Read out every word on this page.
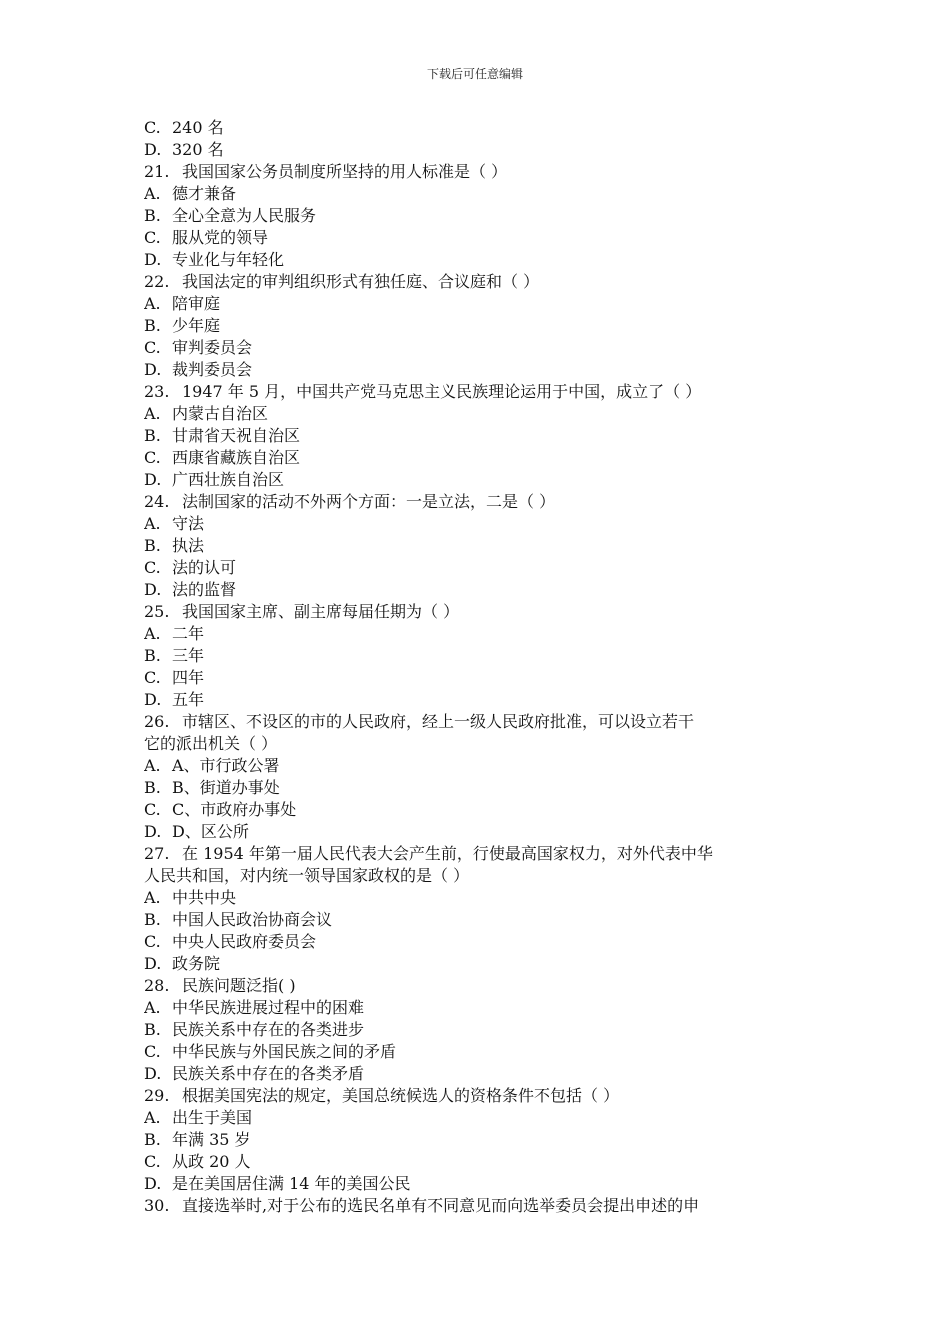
下载后可任意编辑
C. 240 名
D. 320 名
21. 我国国家公务员制度所坚持的用人标准是（ ）
A. 德才兼备
B. 全心全意为人民服务
C. 服从党的领导
D. 专业化与年轻化
22. 我国法定的审判组织形式有独任庭、合议庭和（ ）
A. 陪审庭
B. 少年庭
C. 审判委员会
D. 裁判委员会
23. 1947 年 5 月，中国共产党马克思主义民族理论运用于中国，成立了（ ）
A. 内蒙古自治区
B. 甘肃省天祝自治区
C. 西康省藏族自治区
D. 广西壮族自治区
24. 法制国家的活动不外两个方面：一是立法，二是（ ）
A. 守法
B. 执法
C. 法的认可
D. 法的监督
25. 我国国家主席、副主席每届任期为（ ）
A. 二年
B. 三年
C. 四年
D. 五年
26. 市辖区、不设区的市的人民政府，经上一级人民政府批准，可以设立若干
它的派出机关（ ）
A. A、市行政公署
B. B、街道办事处
C. C、市政府办事处
D. D、区公所
27. 在 1954 年第一届人民代表大会产生前，行使最高国家权力，对外代表中华
人民共和国，对内统一领导国家政权的是（ ）
A. 中共中央
B. 中国人民政治协商会议
C. 中央人民政府委员会
D. 政务院
28. 民族问题泛指( )
A. 中华民族进展过程中的困难
B. 民族关系中存在的各类进步
C. 中华民族与外国民族之间的矛盾
D. 民族关系中存在的各类矛盾
29. 根据美国宪法的规定，美国总统候选人的资格条件不包括（ ）
A. 出生于美国
B. 年满 35 岁
C. 从政 20 人
D. 是在美国居住满 14 年的美国公民
30. 直接选举时,对于公布的选民名单有不同意见而向选举委员会提出申述的申
